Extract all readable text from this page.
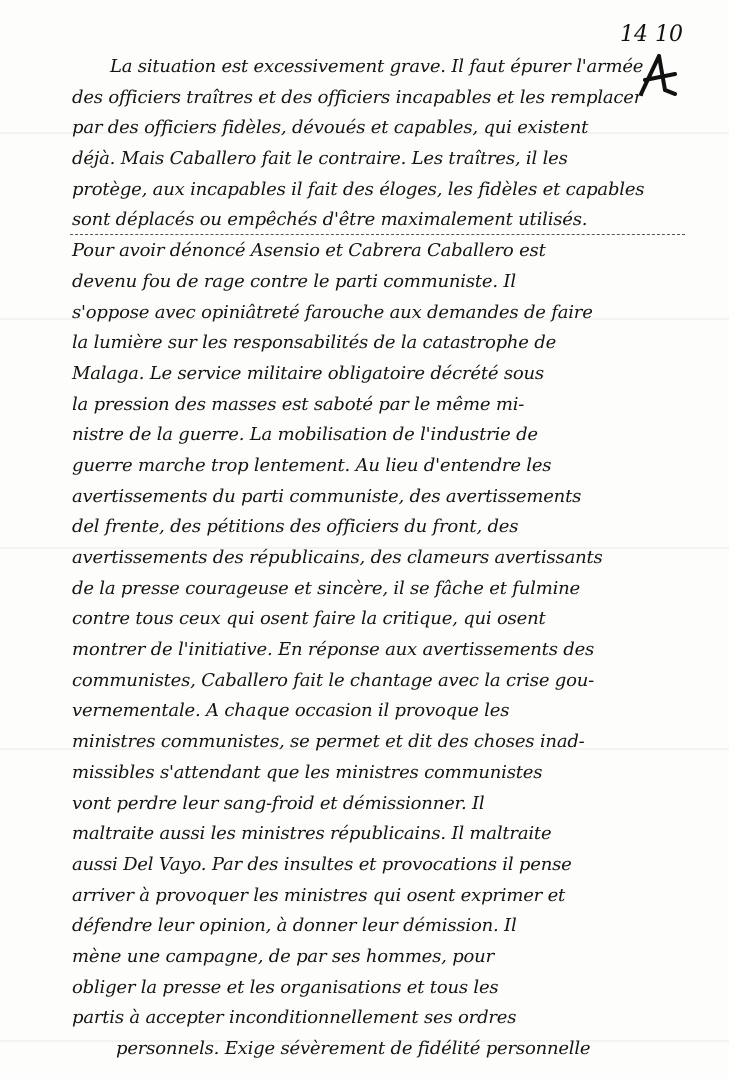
14 10
La situation est excessivement grave. Il faut épurer l'armée
des officiers traîtres et des officiers incapables et les remplacer
par des officiers fidèles, dévoués et capables, qui existent
déjà. Mais Caballero fait le contraire. Les traîtres, il les
protège, aux incapables il fait des éloges, les fidèles et capables
sont déplacés ou empêchés d'être maximalement utilisés.
Pour avoir dénoncé Asensio et Cabrera Caballero est
devenu fou de rage contre le parti communiste. Il
s'oppose avec opiniâtreté farouche aux demandes de faire
la lumière sur les responsabilités de la catastrophe de
Malaga. Le service militaire obligatoire décrété sous
la pression des masses est saboté par le même mi-
nistre de la guerre. La mobilisation de l'industrie de
guerre marche trop lentement. Au lieu d'entendre les
avertissements du parti communiste, des avertissements
del frente, des pétitions des officiers du front, des
avertissements des républicains, des clameurs avertissants
de la presse courageuse et sincère, il se fâche et fulmine
contre tous ceux qui osent faire la critique, qui osent
montrer de l'initiative. En réponse aux avertissements des
communistes, Caballero fait le chantage avec la crise gou-
vernementale. A chaque occasion il provoque les
ministres communistes, se permet et dit des choses inad-
missibles s'attendant que les ministres communistes
vont perdre leur sang-froid et démissionner. Il
maltraite aussi les ministres républicains. Il maltraite
aussi Del Vayo. Par des insultes et provocations il pense
arriver à provoquer les ministres qui osent exprimer et
défendre leur opinion, à donner leur démission. Il
mène une campagne, de par ses hommes, pour
obliger la presse et les organisations et tous les
partis à accepter inconditionnellement ses ordres
personnels. Exige sévèrement de fidélité personnelle
